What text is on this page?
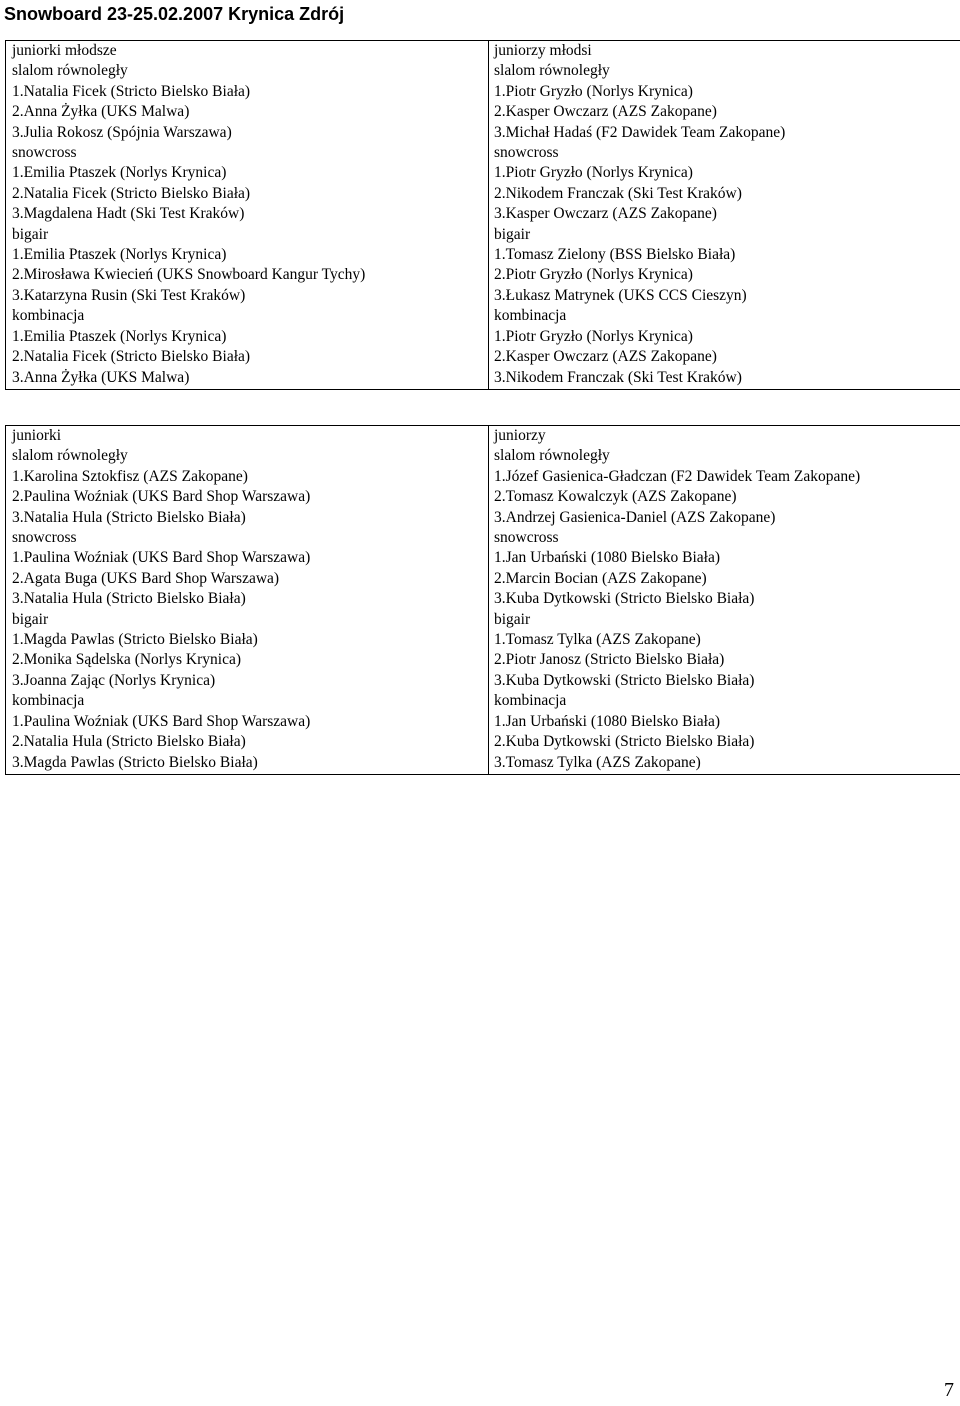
Snowboard 23-25.02.2007 Krynica Zdrój
juniorki młodsze
slalom równoległy
1.Natalia Ficek (Stricto Bielsko Biała)
2.Anna Żyłka (UKS Malwa)
3.Julia Rokosz (Spójnia Warszawa)
snowcross
1.Emilia Ptaszek (Norlys Krynica)
2.Natalia Ficek (Stricto Bielsko Biała)
3.Magdalena Hadt (Ski Test Kraków)
bigair
1.Emilia Ptaszek (Norlys Krynica)
2.Mirosława Kwiecień (UKS Snowboard Kangur Tychy)
3.Katarzyna Rusin (Ski Test Kraków)
kombinacja
1.Emilia Ptaszek (Norlys Krynica)
2.Natalia Ficek (Stricto Bielsko Biała)
3.Anna Żyłka (UKS Malwa)

juniorzy młodsi
slalom równoległy
1.Piotr Gryzło (Norlys Krynica)
2.Kasper Owczarz (AZS Zakopane)
3.Michał Hadaś (F2 Dawidek Team Zakopane)
snowcross
1.Piotr Gryzło (Norlys Krynica)
2.Nikodem Franczak (Ski Test Kraków)
3.Kasper Owczarz (AZS Zakopane)
bigair
1.Tomasz Zielony (BSS Bielsko Biała)
2.Piotr Gryzło (Norlys Krynica)
3.Łukasz Matrynek (UKS CCS Cieszyn)
kombinacja
1.Piotr Gryzło (Norlys Krynica)
2.Kasper Owczarz (AZS Zakopane)
3.Nikodem Franczak (Ski Test Kraków)
juniorki
slalom równoległy
1.Karolina Sztokfisz (AZS Zakopane)
2.Paulina Woźniak (UKS Bard Shop Warszawa)
3.Natalia Hula (Stricto Bielsko Biała)
snowcross
1.Paulina Woźniak (UKS Bard Shop Warszawa)
2.Agata Buga (UKS Bard Shop Warszawa)
3.Natalia Hula (Stricto Bielsko Biała)
bigair
1.Magda Pawlas (Stricto Bielsko Biała)
2.Monika Sądelska (Norlys Krynica)
3.Joanna Zając (Norlys Krynica)
kombinacja
1.Paulina Woźniak (UKS Bard Shop Warszawa)
2.Natalia Hula (Stricto Bielsko Biała)
3.Magda Pawlas (Stricto Bielsko Biała)

juniorzy
slalom równoległy
1.Józef Gasienica-Gładczan (F2 Dawidek Team Zakopane)
2.Tomasz Kowalczyk (AZS Zakopane)
3.Andrzej Gasienica-Daniel (AZS Zakopane)
snowcross
1.Jan Urbański (1080 Bielsko Biała)
2.Marcin Bocian (AZS Zakopane)
3.Kuba Dytkowski (Stricto Bielsko Biała)
bigair
1.Tomasz Tylka (AZS Zakopane)
2.Piotr Janosz (Stricto Bielsko Biała)
3.Kuba Dytkowski (Stricto Bielsko Biała)
kombinacja
1.Jan Urbański (1080 Bielsko Biała)
2.Kuba Dytkowski (Stricto Bielsko Biała)
3.Tomasz Tylka (AZS Zakopane)
7
